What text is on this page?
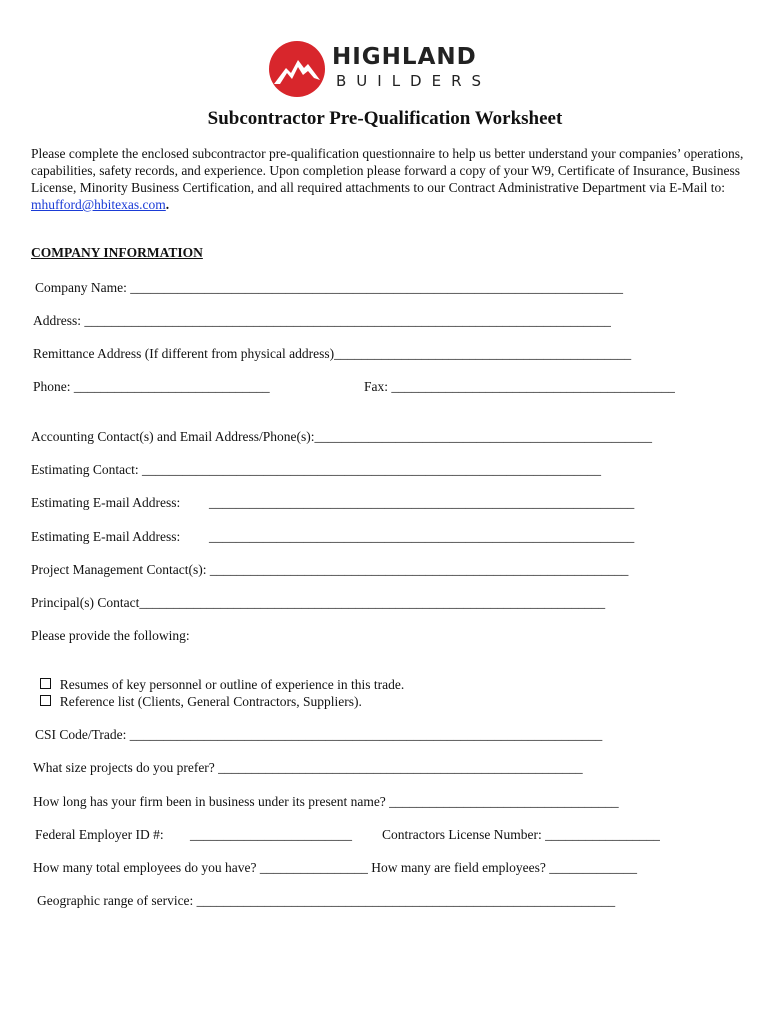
HIGHLAND
BUILDERS
Subcontractor Pre-Qualification Worksheet
Please complete the enclosed subcontractor pre-qualification questionnaire to help us better understand your companies’ operations, capabilities, safety records, and experience. Upon completion please forward a copy of your W9, Certificate of Insurance, Business License, Minority Business Certification, and all required attachments to our Contract Administrative Department via E-Mail to: mhufford@hbitexas.com.
COMPANY INFORMATION
Company Name: _________________________________________________________________________
Address: ______________________________________________________________________________
Remittance Address (If different from physical address)____________________________________________
Phone: _____________________________	Fax: __________________________________________
Accounting Contact(s) and Email Address/Phone(s):__________________________________________________
Estimating Contact: ____________________________________________________________________
Estimating E-mail Address: _______________________________________________________________
Estimating E-mail Address: _______________________________________________________________
Project Management Contact(s): ______________________________________________________________
Principal(s) Contact_____________________________________________________________________
Please provide the following:

Resumes of key personnel or outline of experience in this trade.

Reference list (Clients, General Contractors, Suppliers).

CSI Code/Trade: ______________________________________________________________________
What size projects do you prefer? ______________________________________________________
How long has your firm been in business under its present name? __________________________________
Federal Employer ID #: ________________________ Contractors License Number: _________________
How many total employees do you have? ________________ How many are field employees? _____________
Geographic range of service: ______________________________________________________________
